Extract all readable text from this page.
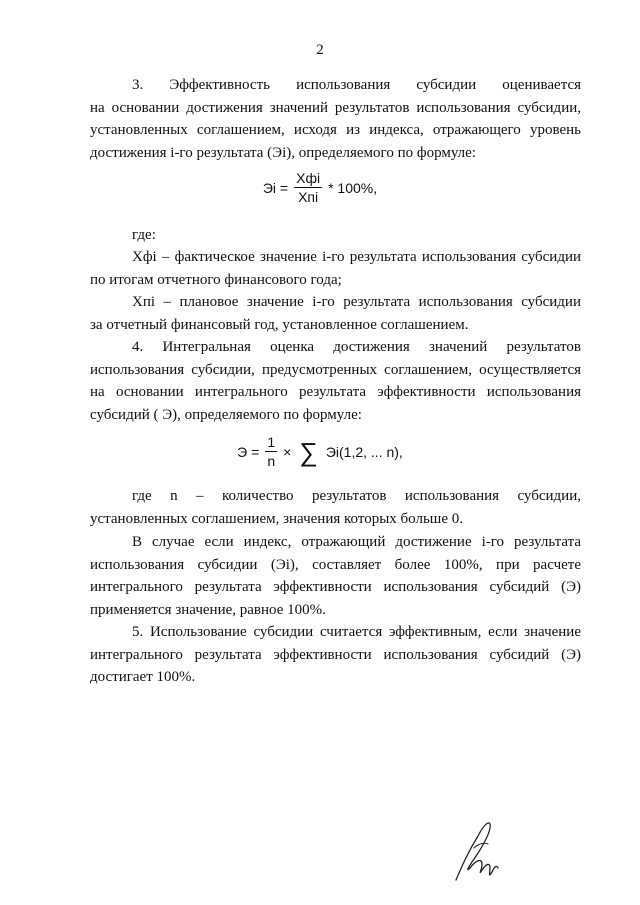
2
3. Эффективность использования субсидии оценивается
на основании достижения значений результатов использования субсидии,
установленных соглашением, исходя из индекса, отражающего уровень
достижения i-го результата (Эi), определяемого по формуле:
Эi = $\frac{\text{Xфi}}{\text{Xпi}} * 100\%$,
где:
Xфi – фактическое значение i-го результата использования субсидии
по итогам отчетного финансового года;
Xпi – плановое значение i-го результата использования субсидии
за отчетный финансовый год, установленное соглашением.
4. Интегральная оценка достижения значений результатов
использования субсидии, предусмотренных соглашением, осуществляется
на основании интегрального результата эффективности использования
субсидий ( Э), определяемого по формуле:
$Э = \frac{1}{n}$ × ∑ Эi(1,2, ... n),
где n – количество результатов использования субсидии,
установленных соглашением, значения которых больше 0.
В случае если индекс, отражающий достижение i-го результата
использования субсидии (Эi), составляет более 100%, при расчете
интегрального результата эффективности использования субсидий (Э)
применяется значение, равное 100%.
5. Использование субсидии считается эффективным, если значение
интегрального результата эффективности использования субсидий (Э)
достигает 100%.
